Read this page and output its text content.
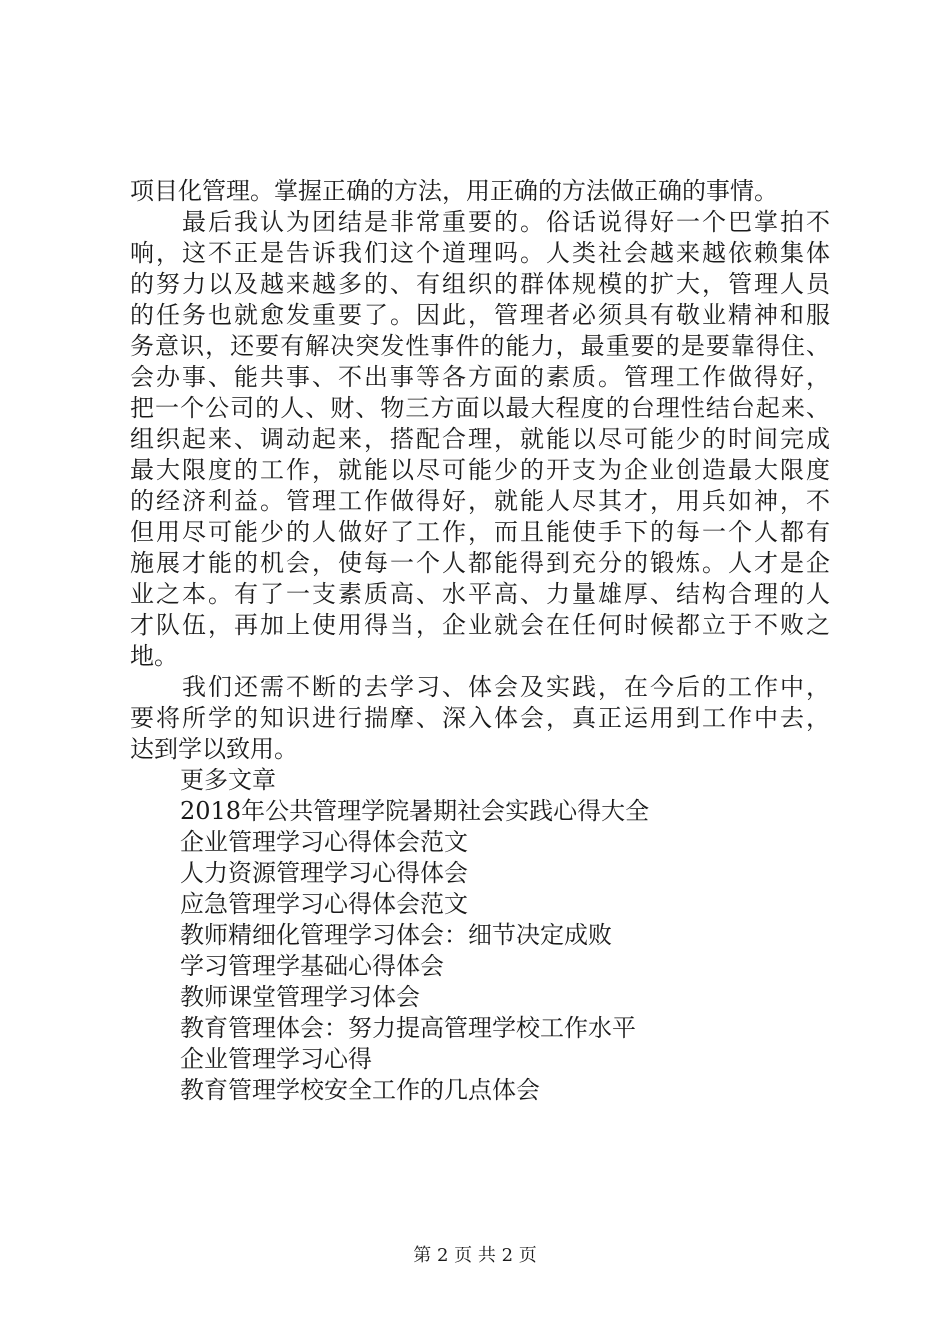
项目化管理。掌握正确的方法，用正确的方法做正确的事情。
　　最后我认为团结是非常重要的。俗话说得好一个巴掌拍不
响，这不正是告诉我们这个道理吗。人类社会越来越依赖集体
的努力以及越来越多的、有组织的群体规模的扩大，管理人员
的任务也就愈发重要了。因此，管理者必须具有敬业精神和服
务意识，还要有解决突发性事件的能力，最重要的是要靠得住、
会办事、能共事、不出事等各方面的素质。管理工作做得好，
把一个公司的人、财、物三方面以最大程度的台理性结台起来、
组织起来、调动起来，搭配合理，就能以尽可能少的时间完成
最大限度的工作，就能以尽可能少的开支为企业创造最大限度
的经济利益。管理工作做得好，就能人尽其才，用兵如神，不
但用尽可能少的人做好了工作，而且能使手下的每一个人都有
施展才能的机会，使每一个人都能得到充分的锻炼。人才是企
业之本。有了一支素质高、水平高、力量雄厚、结构合理的人
才队伍，再加上使用得当，企业就会在任何时候都立于不败之
地。
　　我们还需不断的去学习、体会及实践，在今后的工作中，
要将所学的知识进行揣摩、深入体会，真正运用到工作中去，
达到学以致用。
更多文章
2018年公共管理学院暑期社会实践心得大全
企业管理学习心得体会范文
人力资源管理学习心得体会
应急管理学习心得体会范文
教师精细化管理学习体会：细节决定成败
学习管理学基础心得体会
教师课堂管理学习体会
教育管理体会：努力提高管理学校工作水平
企业管理学习心得
教育管理学校安全工作的几点体会
第 2 页 共 2 页
